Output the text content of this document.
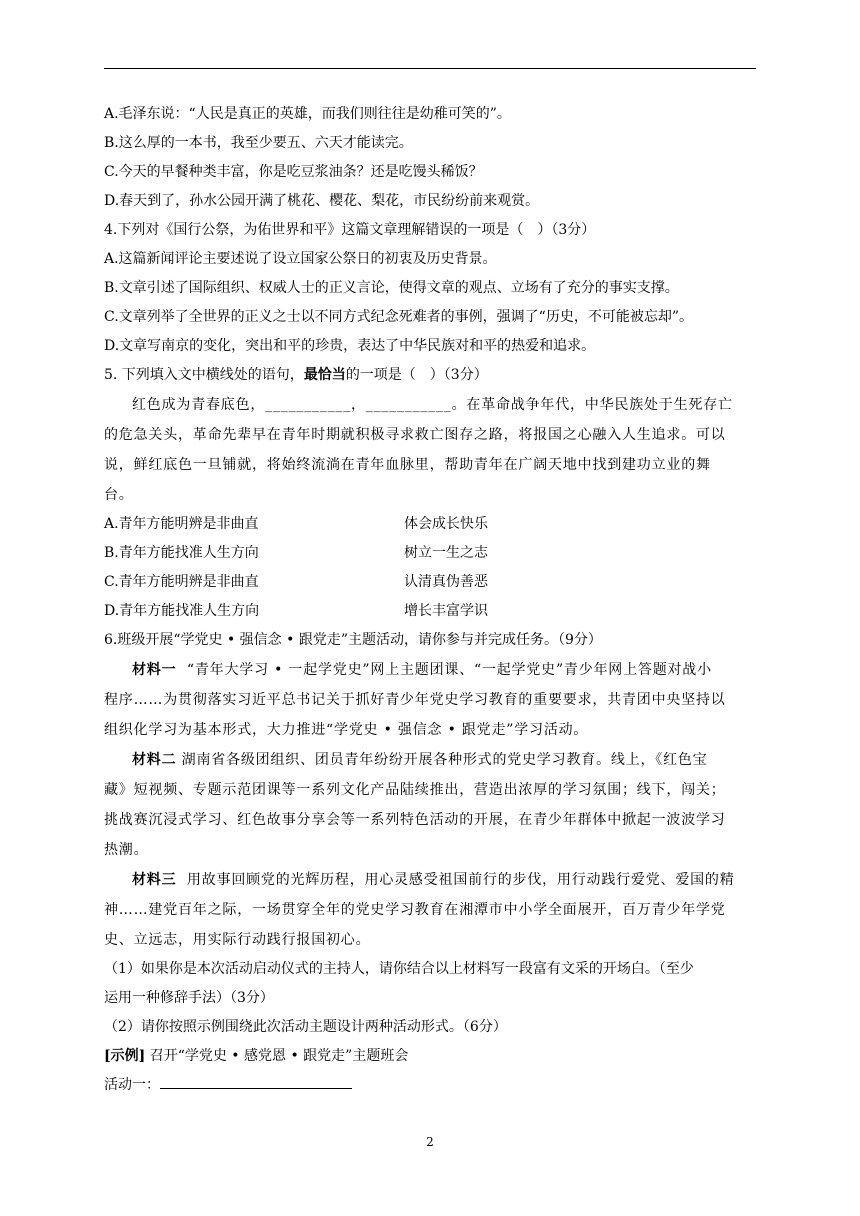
A.毛泽东说：“人民是真正的英雄，而我们则往往是幼稚可笑的”。
B.这么厚的一本书，我至少要五、六天才能读完。
C.今天的早餐种类丰富，你是吃豆浆油条？还是吃馒头稀饭？
D.春天到了，孙水公园开满了桃花、樱花、梨花，市民纷纷前来观赏。
4.下列对《国行公祭，为佑世界和平》这篇文章理解错误的一项是（　）（3分）
A.这篇新闻评论主要述说了设立国家公祭日的初衷及历史背景。
B.文章引述了国际组织、权威人士的正义言论，使得文章的观点、立场有了充分的事实支撑。
C.文章列举了全世界的正义之士以不同方式纪念死难者的事例，强调了“历史，不可能被忘却”。
D.文章写南京的变化，突出和平的珍贵，表达了中华民族对和平的热爱和追求。
5. 下列填入文中横线处的语句，最恰当的一项是（　）（3分）
红色成为青春底色，___________，___________。在革命战争年代，中华民族处于生死存亡
的危急关头，革命先辈早在青年时期就积极寻求救亡图存之路，将报国之心融入人生追求。可以
说，鲜红底色一旦铺就，将始终流淌在青年血脉里，帮助青年在广阔天地中找到建功立业的舞
台。
A.青年方能明辨是非曲直	体会成长快乐
B.青年方能找准人生方向	树立一生之志
C.青年方能明辨是非曲直	认清真伪善恶
D.青年方能找准人生方向	增长丰富学识
6.班级开展“学党史 • 强信念 • 跟党走”主题活动，请你参与并完成任务。（9分）
材料一 “青年大学习 • 一起学党史”网上主题团课、“一起学党史”青少年网上答题对战小
程序……为贯彻落实习近平总书记关于抓好青少年党史学习教育的重要要求，共青团中央坚持以
组织化学习为基本形式，大力推进“学党史 • 强信念 • 跟党走”学习活动。
材料二 湖南省各级团组织、团员青年纷纷开展各种形式的党史学习教育。线上，《红色宝
藏》短视频、专题示范团课等一系列文化产品陆续推出，营造出浓厚的学习氛围；线下，闯关；
挑战赛沉浸式学习、红色故事分享会等一系列特色活动的开展，在青少年群体中掀起一波波学习
热潮。
材料三 用故事回顾党的光辉历程，用心灵感受祖国前行的步伐，用行动践行爱党、爱国的精
神……建党百年之际，一场贯穿全年的党史学习教育在湘潭市中小学全面展开，百万青少年学党
史、立远志，用实际行动践行报国初心。
（1）如果你是本次活动启动仪式的主持人，请你结合以上材料写一段富有文采的开场白。（至少
运用一种修辞手法）（3分）
（2）请你按照示例围绕此次活动主题设计两种活动形式。（6分）
[示例] 召开“学党史 • 感党恩 • 跟党走”主题班会
活动一：
2
